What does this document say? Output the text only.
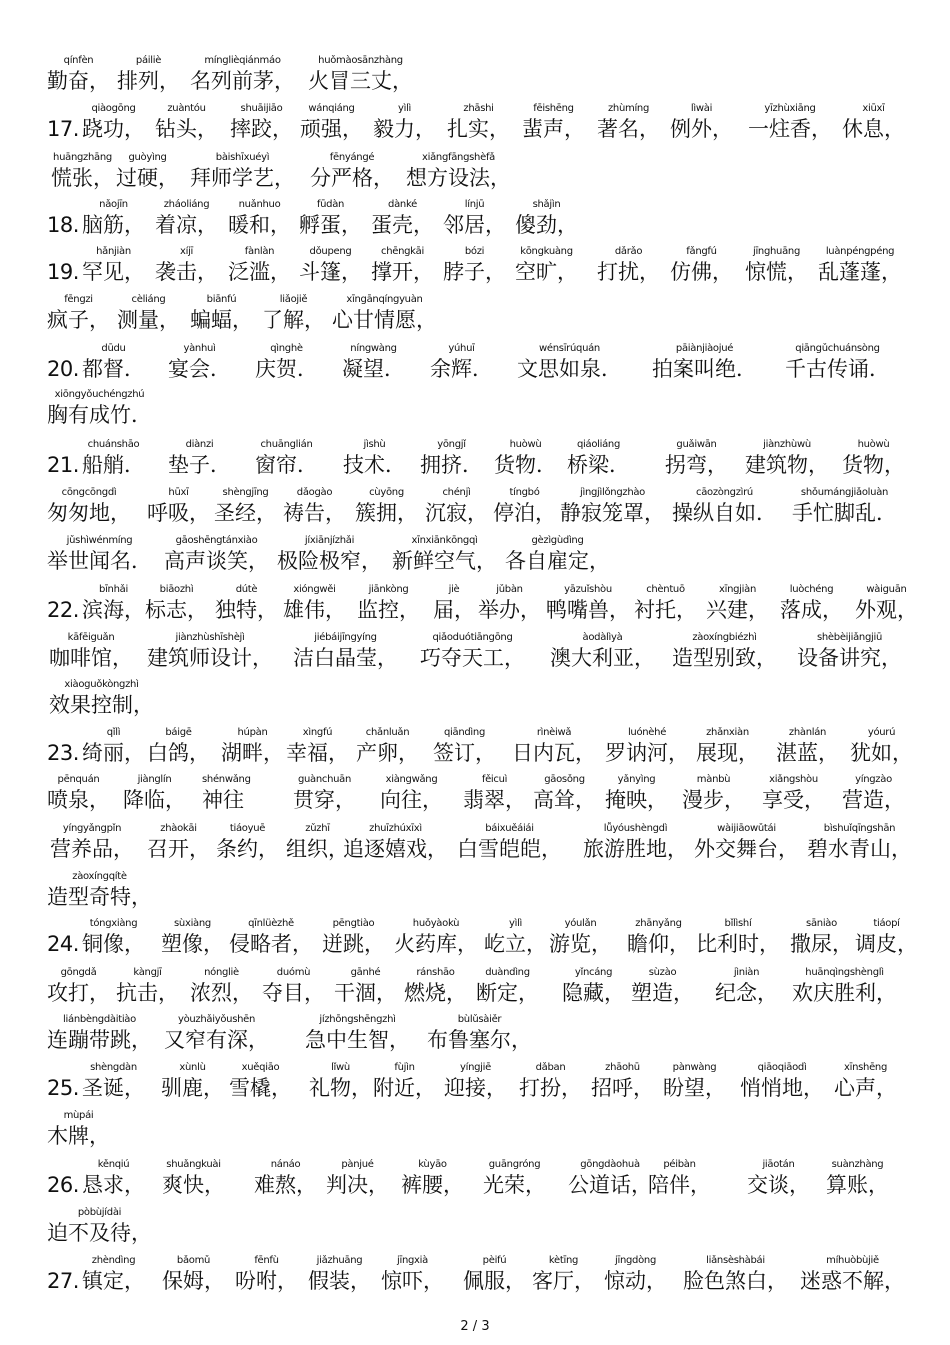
qínfèn
勤奋，
páiliè
排列，
mínglièqiánmáo
名列前茅，
huǒmàosānzhàng
火冒三丈，
17.
qiàogōng
跷功，
zuàntóu
钻头，
shuāijiāo
摔跤，
wánqiáng
顽强，
yìlì
毅力，
zhāshi
扎实，
fēishēng
蜚声，
zhùmíng
著名，
lìwài
例外，
yīzhùxiāng
一炷香，
xiūxī
休息，
huāngzhāng
慌张，
guòyìng
过硬，
bàishīxuéyì
拜师学艺，
fēnyángé
分严格，
xiǎngfāngshèfǎ
想方设法，
18.
nǎojīn
脑筋，
zháoliáng
着凉，
nuǎnhuo
暖和，
fūdàn
孵蛋，
dànké
蛋壳，
línjū
邻居，
shǎjìn
傻劲，
19.
hǎnjiàn
罕见，
xíjī
袭击，
fànlàn
泛滥，
dǒupeng
斗篷，
chēngkāi
撑开，
bózi
脖子，
kōngkuàng
空旷，
dǎrǎo
打扰，
fǎngfú
仿佛，
jīnghuāng
惊慌，
luànpéngpéng
乱蓬蓬，
fēngzi
疯子，
cèliáng
测量，
biānfú
蝙蝠，
liǎojiě
了解，
xīngānqíngyuàn
心甘情愿，
20.
dūdu
都督．
yànhuì
宴会．
qìnghè
庆贺．
níngwàng
凝望．
yúhuī
余辉．
wénsīrúquán
文思如泉．
pāiànjiàojué
拍案叫绝．
qiāngǔchuánsòng
千古传诵．
xiōngyǒuchéngzhú
胸有成竹．
21.
chuánshāo
船艄．
diànzi
垫子．
chuānglián
窗帘．
jìshù
技术．
yōngjǐ
拥挤．
huòwù
货物．
qiáoliáng
桥梁．
guǎiwān
拐弯，
jiànzhùwù
建筑物，
huòwù
货物，
cōngcōngdì
匆匆地，
hūxī
呼吸，
shèngjīng
圣经，
dǎogào
祷告，
cùyōng
簇拥，
chénjì
沉寂，
tíngbó
停泊，
jìngjìlǒngzhào
静寂笼罩，
cāozòngzìrú
操纵自如．
shǒumángjiǎoluàn
手忙脚乱．
jǔshìwénmíng
举世闻名．
gāoshēngtánxiào
高声谈笑，
jíxiānjízhǎi
极险极窄，
xīnxiānkōngqì
新鲜空气，
gèzìgùdìng
各自雇定，
22.
bīnhǎi
滨海，
biāozhì
标志，
dútè
独特，
xióngwěi
雄伟，
jiānkòng
监控，
jiè
届，
jǔbàn
举办，
yāzuǐshòu
鸭嘴兽，
chèntuō
衬托，
xīngjiàn
兴建，
luòchéng
落成，
wàiguān
外观，
kāfēiguǎn
咖啡馆，
jiànzhùshīshèjì
建筑师设计，
jiébáijīngyíng
洁白晶莹，
qiǎoduótiāngōng
巧夺天工，
àodàlìyà
澳大利亚，
zàoxíngbiézhì
造型别致，
shèbèijiǎngjiū
设备讲究，
xiàoguǒkòngzhì
效果控制，
23.
qǐlì
绮丽，
báigē
白鸽，
húpàn
湖畔，
xìngfú
幸福，
chǎnluǎn
产卵，
qiāndìng
签订，
rìnèiwǎ
日内瓦，
luónèhé
罗讷河，
zhǎnxiàn
展现，
zhànlán
湛蓝，
yóurú
犹如，
pēnquán
喷泉，
jiànglín
降临，
shénwǎng
神往
guànchuān
贯穿，
xiàngwǎng
向往，
fěicuì
翡翠，
gāosǒng
高耸，
yǎnyìng
掩映，
mànbù
漫步，
xiǎngshòu
享受，
yíngzào
营造，
yíngyǎngpǐn
营养品，
zhàokāi
召开，
tiáoyuē
条约，
zǔzhī
组织，
zhuīzhúxīxì
追逐嬉戏，
báixuěáiái
白雪皑皑，
lǚyóushèngdì
旅游胜地，
wàijiāowǔtái
外交舞台，
bìshuǐqīngshān
碧水青山，
zàoxíngqítè
造型奇特，
24.
tóngxiàng
铜像，
sùxiàng
塑像，
qīnlüèzhě
侵略者，
pēngtiào
迸跳，
huǒyàokù
火药库，
yìlì
屹立，
yóulǎn
游览，
zhānyǎng
瞻仰，
bǐlìshí
比利时，
sāniào
撒尿，
tiáopí
调皮，
gōngdǎ
攻打，
kàngjī
抗击，
nóngliè
浓烈，
duómù
夺目，
gānhé
干涸，
ránshāo
燃烧，
duàndìng
断定，
yǐncáng
隐藏，
sùzào
塑造，
jìniàn
纪念，
huānqìngshènglì
欢庆胜利，
liánbèngdàitiào
连蹦带跳，
yòuzhǎiyǒushēn
又窄有深，
jízhōngshēngzhì
急中生智，
bùlǔsàiěr
布鲁塞尔，
25.
shèngdàn
圣诞，
xùnlù
驯鹿，
xuěqiāo
雪橇，
lǐwù
礼物，
fùjìn
附近，
yíngjiē
迎接，
dǎban
打扮，
zhāohū
招呼，
pànwàng
盼望，
qiāoqiāodì
悄悄地，
xīnshēng
心声，
mùpái
木牌，
26.
kěnqiú
恳求，
shuǎngkuài
爽快，
nánáo
难熬，
pànjué
判决，
kùyāo
裤腰，
guāngróng
光荣，
gōngdàohuà
公道话，
péibàn
陪伴，
jiāotán
交谈，
suànzhàng
算账，
pòbùjídài
迫不及待，
27.
zhèndìng
镇定，
bǎomǔ
保姆，
fēnfù
吩咐，
jiǎzhuāng
假装，
jīngxià
惊吓，
pèifú
佩服，
kètīng
客厅，
jīngdòng
惊动，
liǎnsèshàbái
脸色煞白，
míhuòbùjiě
迷惑不解，
2 / 3
